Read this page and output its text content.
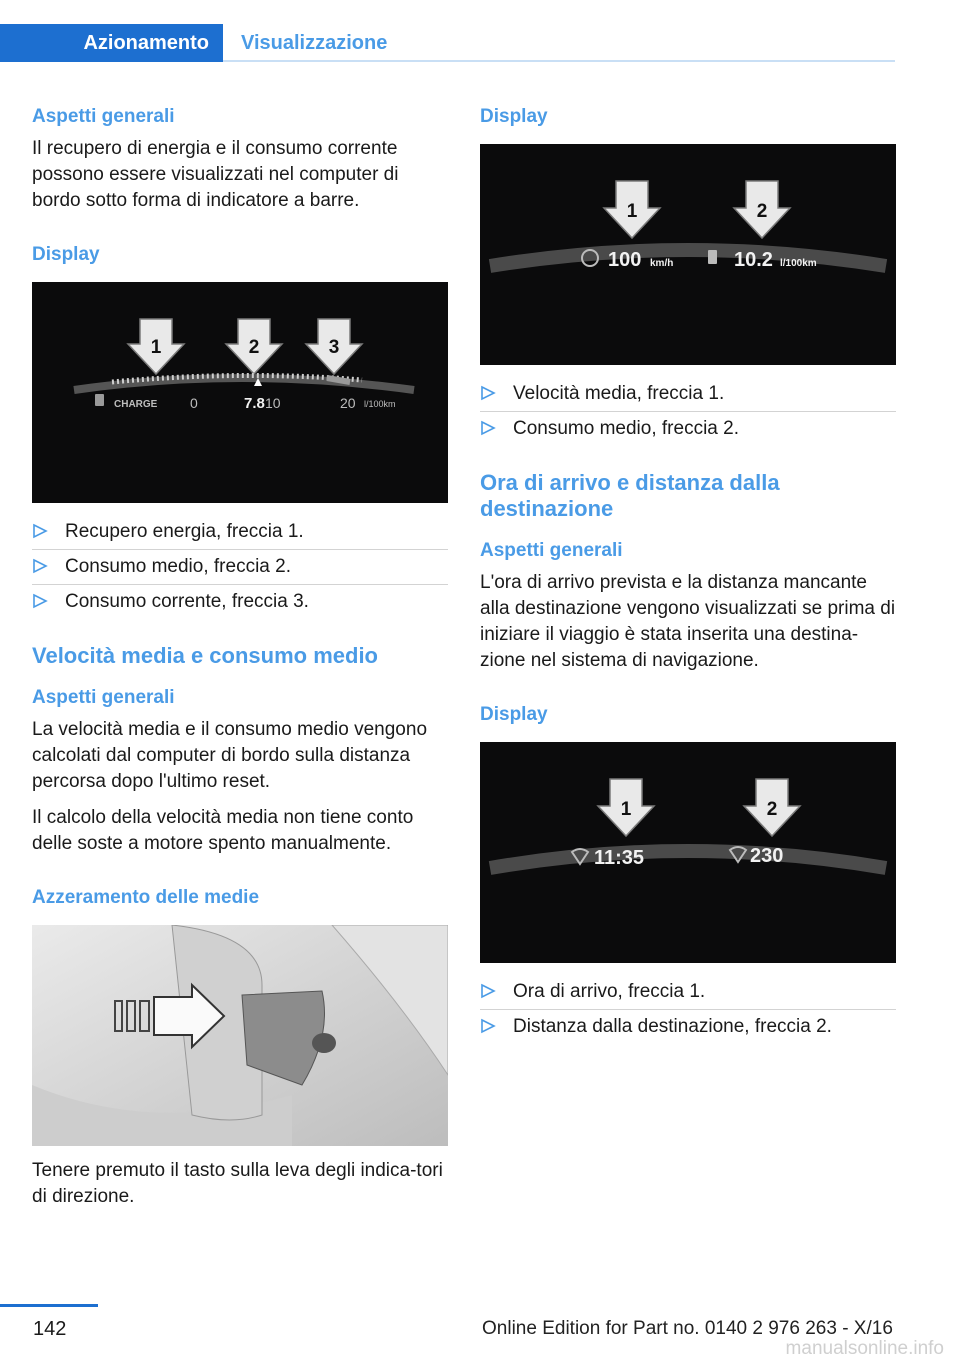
Azionamento	Visualizzazione
Aspetti generali

Il recupero di energia e il consumo corrente possono essere visualizzati nel computer di bordo sotto forma di indicatore a barre.

Display
1	2	3
CHARGE 0	7.8 10	20 l/100km
Recupero energia, freccia 1.
Consumo medio, freccia 2.
Consumo corrente, freccia 3.
Velocità media e consumo medio
Aspetti generali

La velocità media e il consumo medio vengono calcolati dal computer di bordo sulla distanza percorsa dopo l'ultimo reset.

Il calcolo della velocità media non tiene conto delle soste a motore spento manualmente.

Azzeramento delle medie

Tenere premuto il tasto sulla leva degli indica‐tori di direzione.

Display
1	2
100 km/h	10.2 l/100km
Velocità media, freccia 1.
Consumo medio, freccia 2.
Ora di arrivo e distanza dalla destinazione
Aspetti generali

L'ora di arrivo prevista e la distanza mancante alla destinazione vengono visualizzati se prima di iniziare il viaggio è stata inserita una destina‐zione nel sistema di navigazione.

Display
1	2
11:35	230
Ora di arrivo, freccia 1.
Distanza dalla destinazione, freccia 2.
142	Online Edition for Part no. 0140 2 976 263 - X/16
manualsonline.info
